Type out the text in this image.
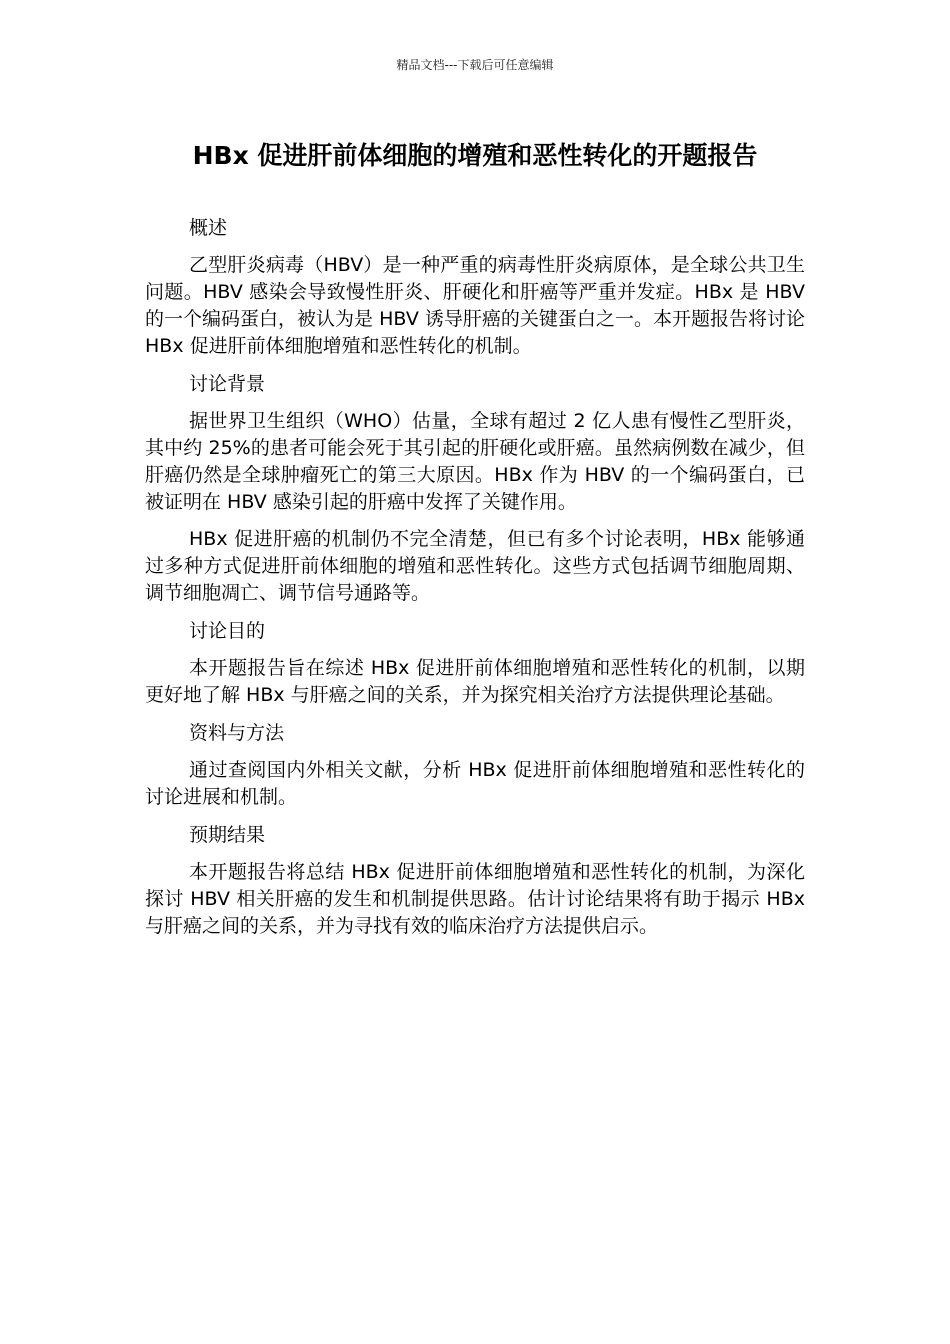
精品文档---下载后可任意编辑
HBx 促进肝前体细胞的增殖和恶性转化的开题报告

概述

乙型肝炎病毒（HBV）是一种严重的病毒性肝炎病原体，是全球公共卫生问题。HBV 感染会导致慢性肝炎、肝硬化和肝癌等严重并发症。HBx 是 HBV 的一个编码蛋白，被认为是 HBV 诱导肝癌的关键蛋白之一。本开题报告将讨论 HBx 促进肝前体细胞增殖和恶性转化的机制。

讨论背景

据世界卫生组织（WHO）估量，全球有超过 2 亿人患有慢性乙型肝炎，其中约 25%的患者可能会死于其引起的肝硬化或肝癌。虽然病例数在减少，但肝癌仍然是全球肿瘤死亡的第三大原因。HBx 作为 HBV 的一个编码蛋白，已被证明在 HBV 感染引起的肝癌中发挥了关键作用。

HBx 促进肝癌的机制仍不完全清楚，但已有多个讨论表明，HBx 能够通过多种方式促进肝前体细胞的增殖和恶性转化。这些方式包括调节细胞周期、调节细胞凋亡、调节信号通路等。

讨论目的

本开题报告旨在综述 HBx 促进肝前体细胞增殖和恶性转化的机制，以期更好地了解 HBx 与肝癌之间的关系，并为探究相关治疗方法提供理论基础。

资料与方法

通过查阅国内外相关文献，分析 HBx 促进肝前体细胞增殖和恶性转化的讨论进展和机制。

预期结果

本开题报告将总结 HBx 促进肝前体细胞增殖和恶性转化的机制，为深化探讨 HBV 相关肝癌的发生和机制提供思路。估计讨论结果将有助于揭示 HBx 与肝癌之间的关系，并为寻找有效的临床治疗方法提供启示。
